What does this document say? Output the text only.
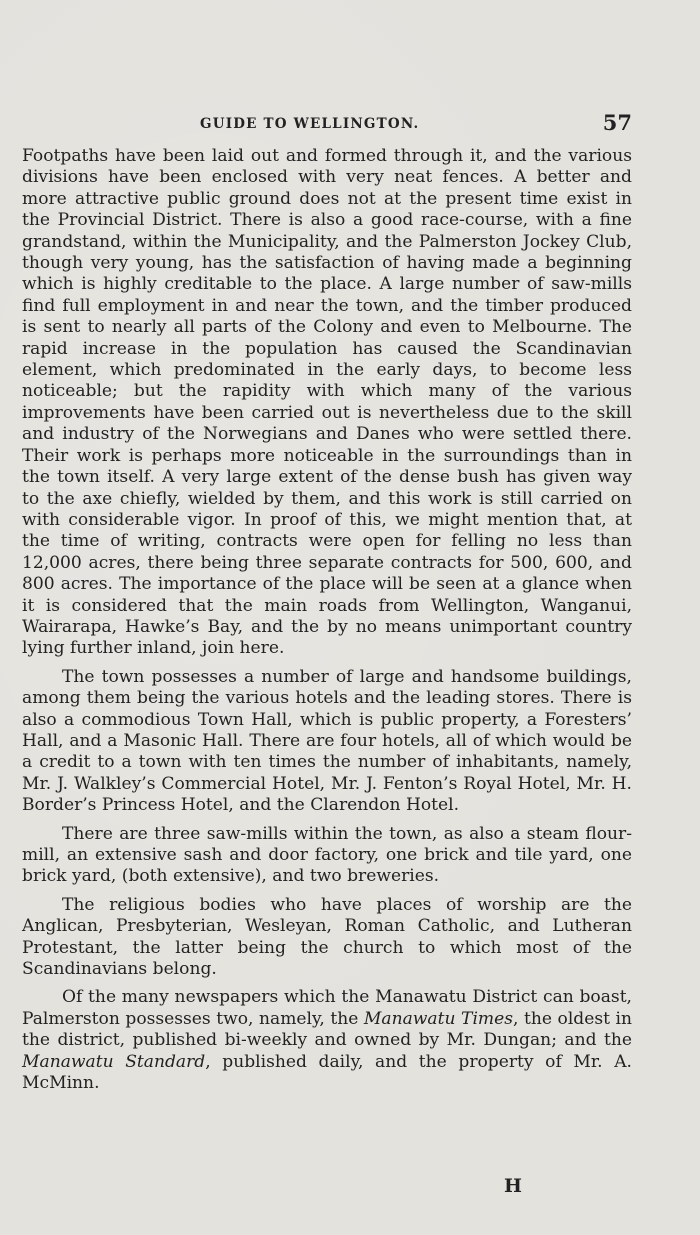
GUIDE TO WELLINGTON.	57

Footpaths have been laid out and formed through it, and the various divisions have been enclosed with very neat fences. A better and more attractive public ground does not at the present time exist in the Provincial District. There is also a good race-course, with a fine grandstand, within the Municipality, and the Palmerston Jockey Club, though very young, has the satisfaction of having made a beginning which is highly creditable to the place. A large number of saw-mills find full employment in and near the town, and the timber produced is sent to nearly all parts of the Colony and even to Melbourne. The rapid increase in the population has caused the Scandinavian element, which predominated in the early days, to become less noticeable; but the rapidity with which many of the various improvements have been carried out is nevertheless due to the skill and industry of the Norwegians and Danes who were settled there. Their work is perhaps more noticeable in the surroundings than in the town itself. A very large extent of the dense bush has given way to the axe chiefly, wielded by them, and this work is still carried on with considerable vigor. In proof of this, we might mention that, at the time of writing, contracts were open for felling no less than 12,000 acres, there being three separate contracts for 500, 600, and 800 acres. The importance of the place will be seen at a glance when it is considered that the main roads from Wellington, Wanganui, Wairarapa, Hawke’s Bay, and the by no means unimportant country lying further inland, join here.

The town possesses a number of large and handsome buildings, among them being the various hotels and the leading stores. There is also a commodious Town Hall, which is public property, a Foresters’ Hall, and a Masonic Hall. There are four hotels, all of which would be a credit to a town with ten times the number of inhabitants, namely, Mr. J. Walkley’s Commercial Hotel, Mr. J. Fenton’s Royal Hotel, Mr. H. Border’s Princess Hotel, and the Clarendon Hotel.

There are three saw-mills within the town, as also a steam flour-mill, an extensive sash and door factory, one brick and tile yard, one brick yard, (both extensive), and two breweries.

The religious bodies who have places of worship are the Anglican, Presbyterian, Wesleyan, Roman Catholic, and Lutheran Protestant, the latter being the church to which most of the Scandinavians belong.

Of the many newspapers which the Manawatu District can boast, Palmerston possesses two, namely, the Manawatu Times, the oldest in the district, published bi-weekly and owned by Mr. Dungan; and the Manawatu Standard, published daily, and the property of Mr. A. McMinn.

H
